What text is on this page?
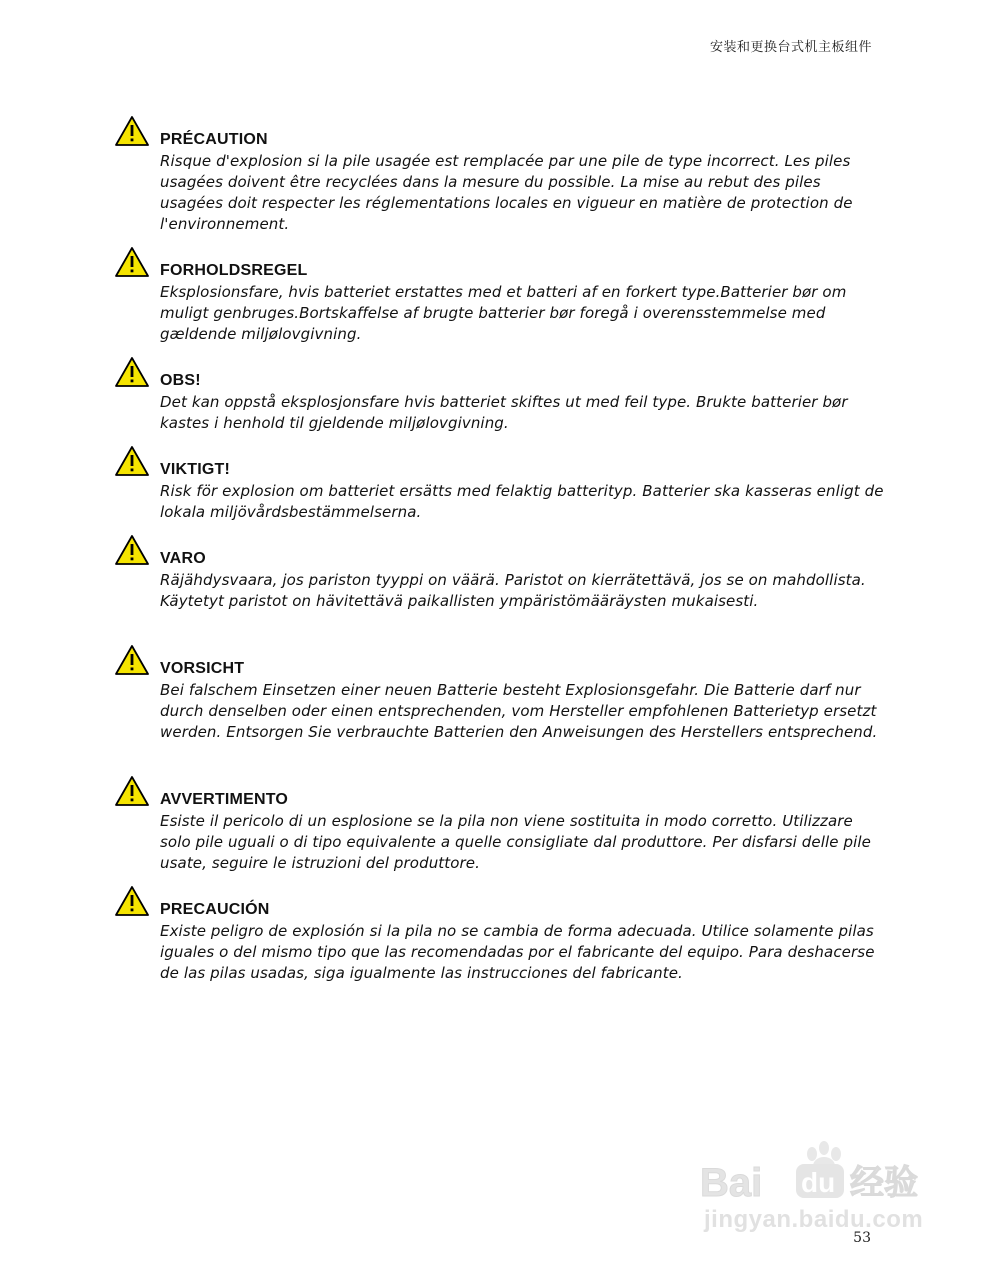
安装和更换台式机主板组件
PRÉCAUTION
Risque d'explosion si la pile usagée est remplacée par une pile de type incorrect. Les piles usagées doivent être recyclées dans la mesure du possible. La mise au rebut des piles usagées doit respecter les réglementations locales en vigueur en matière de protection de l'environnement.
FORHOLDSREGEL
Eksplosionsfare, hvis batteriet erstattes med et batteri af en forkert type.Batterier bør om muligt genbruges.Bortskaffelse af brugte batterier bør foregå i overensstemmelse med gældende miljølovgivning.
OBS!
Det kan oppstå eksplosjonsfare hvis batteriet skiftes ut med feil type. Brukte batterier bør kastes i henhold til gjeldende miljølovgivning.
VIKTIGT!
Risk för explosion om batteriet ersätts med felaktig batterityp. Batterier ska kasseras enligt de lokala miljövårdsbestämmelserna.
VARO
Räjähdysvaara, jos pariston tyyppi on väärä. Paristot on kierrätettävä, jos se on mahdollista. Käytetyt paristot on hävitettävä paikallisten ympäristömääräysten mukaisesti.
VORSICHT
Bei falschem Einsetzen einer neuen Batterie besteht Explosionsgefahr. Die Batterie darf nur durch denselben oder einen entsprechenden, vom Hersteller empfohlenen Batterietyp ersetzt werden. Entsorgen Sie verbrauchte Batterien den Anweisungen des Herstellers entsprechend.
AVVERTIMENTO
Esiste il pericolo di un esplosione se la pila non viene sostituita in modo corretto. Utilizzare solo pile uguali o di tipo equivalente a quelle consigliate dal produttore. Per disfarsi delle pile usate, seguire le istruzioni del produttore.
PRECAUCIÓN
Existe peligro de explosión si la pila no se cambia de forma adecuada. Utilice solamente pilas iguales o del mismo tipo que las recomendadas por el fabricante del equipo. Para deshacerse de las pilas usadas, siga igualmente las instrucciones del fabricante.
Bai du 经验
jingyan.baidu.com
53
